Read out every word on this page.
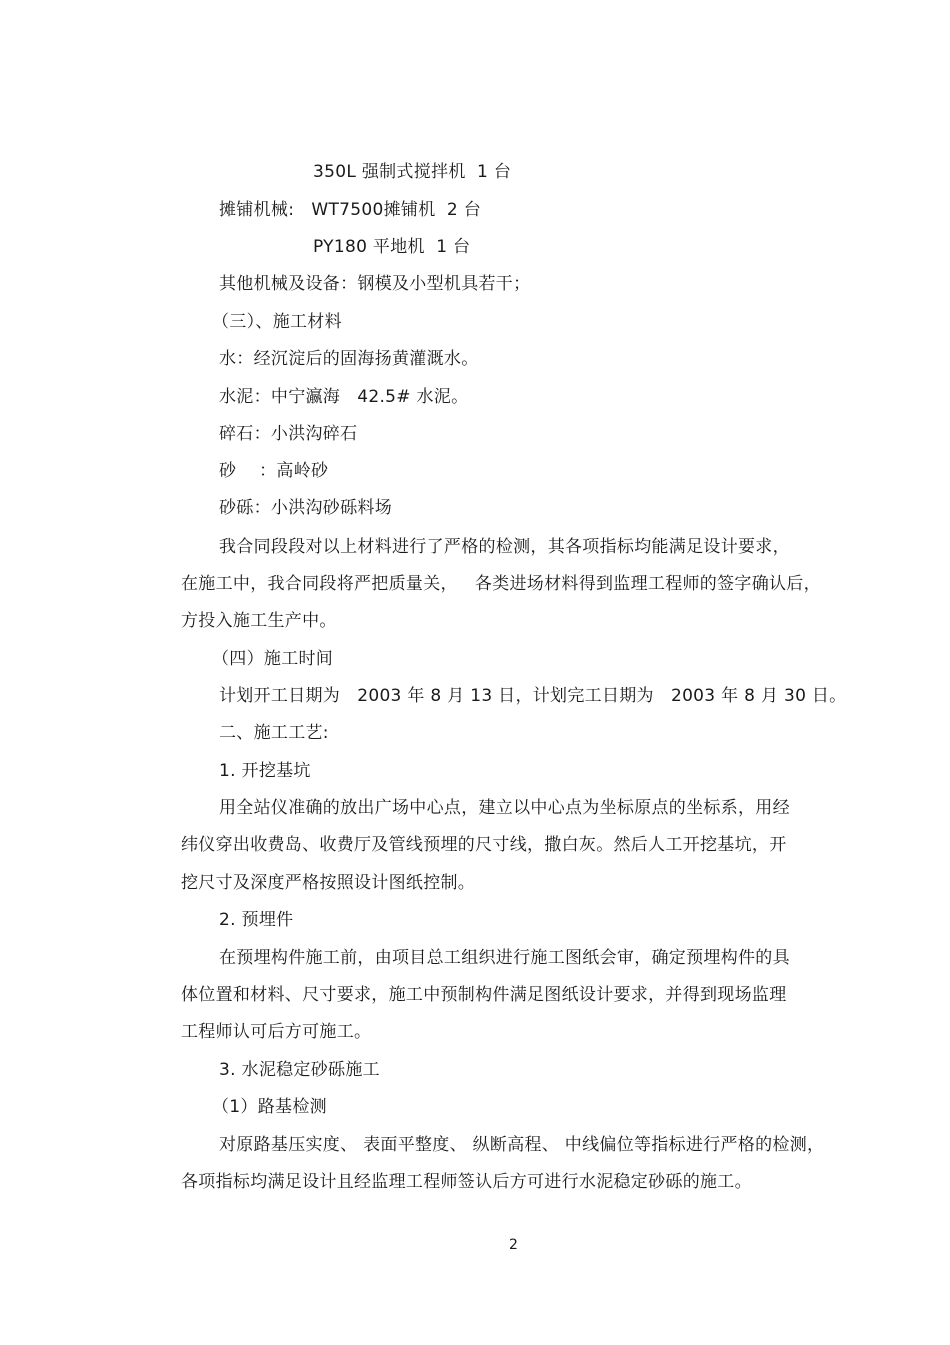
350L 强制式搅拌机  1 台
摊铺机械:   WT7500摊铺机  2 台
PY180 平地机  1 台
其他机械及设备：钢模及小型机具若干；
（三）、施工材料
水：经沉淀后的固海扬黄灌溉水。
水泥：中宁瀛海   42.5# 水泥。
碎石：小洪沟碎石
砂    ：高岭砂
砂砾：小洪沟砂砾料场
我合同段段对以上材料进行了严格的检测，其各项指标均能满足设计要求，
在施工中，我合同段将严把质量关，   各类进场材料得到监理工程师的签字确认后，
方投入施工生产中。
（四）施工时间
计划开工日期为   2003 年 8 月 13 日，计划完工日期为   2003 年 8 月 30 日。
二、施工工艺:
1. 开挖基坑
用全站仪准确的放出广场中心点，建立以中心点为坐标原点的坐标系，用经
纬仪穿出收费岛、收费厅及管线预埋的尺寸线，撒白灰。然后人工开挖基坑，开
挖尺寸及深度严格按照设计图纸控制。
2. 预埋件
在预埋构件施工前，由项目总工组织进行施工图纸会审，确定预埋构件的具
体位置和材料、尺寸要求，施工中预制构件满足图纸设计要求，并得到现场监理
工程师认可后方可施工。
3. 水泥稳定砂砾施工
（1）路基检测
对原路基压实度、 表面平整度、 纵断高程、 中线偏位等指标进行严格的检测，
各项指标均满足设计且经监理工程师签认后方可进行水泥稳定砂砾的施工。
2
